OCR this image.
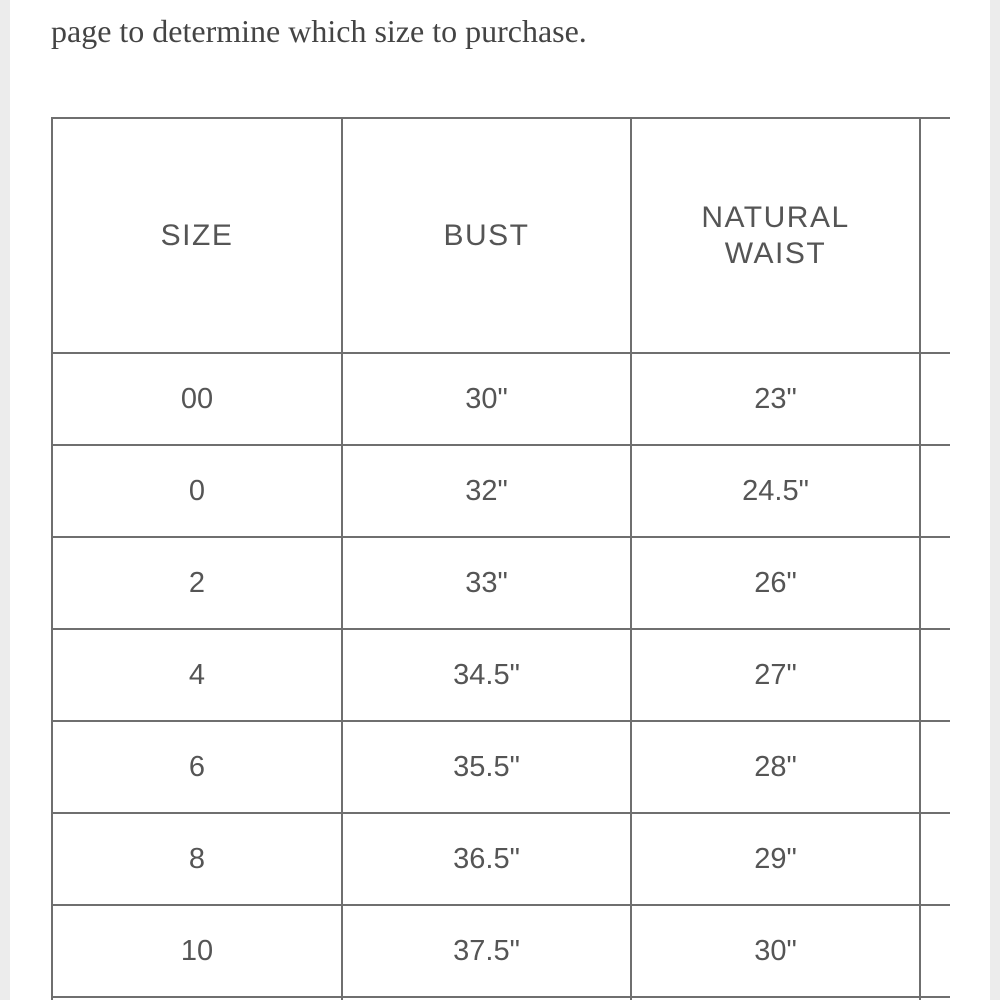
page to determine which size to purchase.

SIZE	BUST	NATURAL WAIST	
00	30"	23"	
0	32"	24.5"	
2	33"	26"	
4	34.5"	27"	
6	35.5"	28"	
8	36.5"	29"	
10	37.5"	30"	
